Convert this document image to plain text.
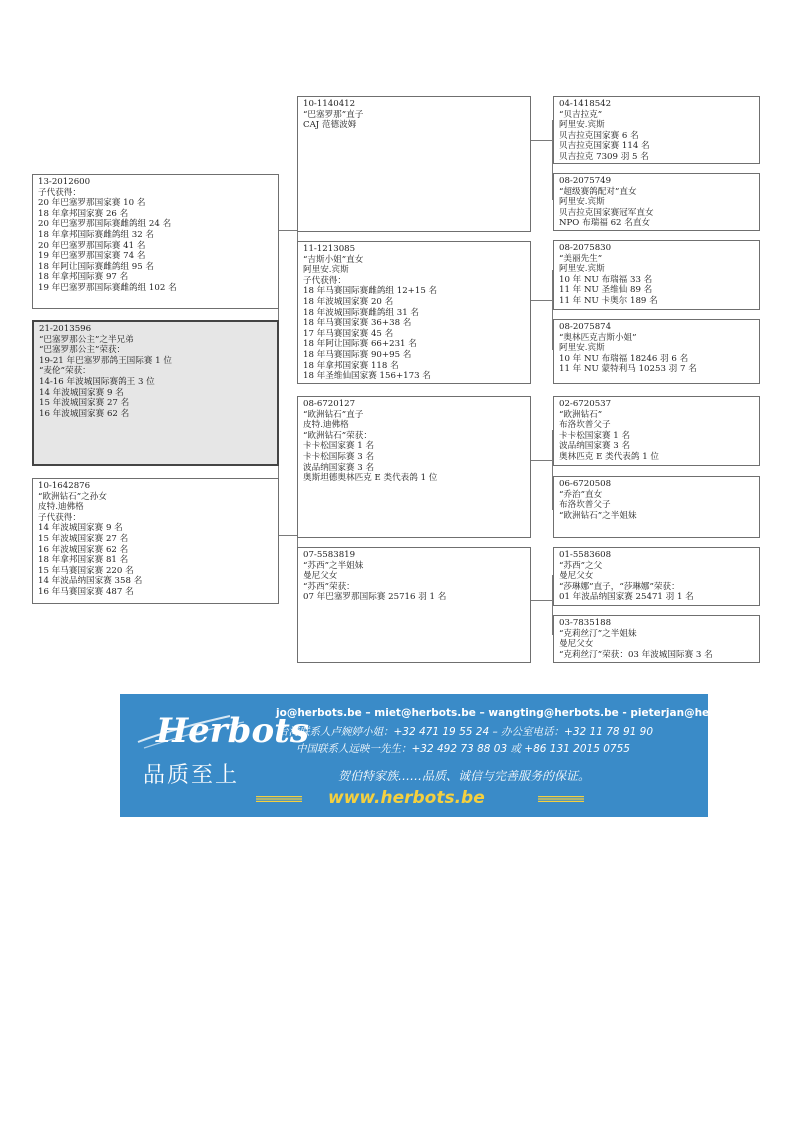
13-2012600
子代获得：
20 年巴塞罗那国家赛 10 名
18 年拿邦国家赛 26 名
20 年巴塞罗那国际赛雌鸽组 24 名
18 年拿邦国际赛雌鸽组 32 名
20 年巴塞罗那国际赛 41 名
19 年巴塞罗那国家赛 74 名
18 年阿让国际赛雌鸽组 95 名
18 年拿邦国际赛 97 名
19 年巴塞罗那国际赛雌鸽组 102 名
21-2013596
“巴塞罗那公主”之半兄弟
“巴塞罗那公主”荣获：
19-21 年巴塞罗那鸽王国际赛 1 位
“麦伦”荣获：
14-16 年波城国际赛鸽王 3 位
14 年波城国家赛 9 名
15 年波城国家赛 27 名
16 年波城国家赛 62 名
10-1642876
“欧洲钻石”之孙女
皮特.迪佛格
子代获得：
14 年波城国家赛 9 名
15 年波城国家赛 27 名
16 年波城国家赛 62 名
18 年拿邦国家赛 81 名
15 年马赛国家赛 220 名
14 年波品纳国家赛 358 名
16 年马赛国家赛 487 名
10-1140412
“巴塞罗那”直子
CAJ 范德波姆
11-1213085
“吉斯小姐”直女
阿里安.宾斯
子代获得：
18 年马赛国际赛雌鸽组 12+15 名
18 年波城国家赛 20 名
18 年波城国际赛雌鸽组 31 名
18 年马赛国家赛 36+38 名
17 年马赛国家赛 45 名
18 年阿让国际赛 66+231 名
18 年马赛国际赛 90+95 名
18 年拿邦国家赛 118 名
18 年圣维仙国家赛 156+173 名
08-6720127
“欧洲钻石”直子
皮特.迪佛格
“欧洲钻石”荣获：
卡卡松国家赛 1 名
卡卡松国际赛 3 名
波品纳国家赛 3 名
奥斯坦德奥林匹克 E 类代表鸽 1 位
07-5583819
“苏西”之半姐妹
曼尼父女
“苏西”荣获：
07 年巴塞罗那国际赛 25716 羽 1 名
04-1418542
“贝吉拉克”
阿里安.宾斯
贝吉拉克国家赛 6 名
贝吉拉克国家赛 114 名
贝吉拉克 7309 羽 5 名
08-2075749
“超级赛鸽配对”直女
阿里安.宾斯
贝吉拉克国家赛冠军直女
NPO 布瑞福 62 名直女
08-2075830
“美丽先生”
阿里安.宾斯
10 年 NU 布瑞福 33 名
11 年 NU 圣维仙 89 名
11 年 NU 卡奥尔 189 名
08-2075874
“奥林匹克吉斯小姐”
阿里安.宾斯
10 年 NU 布瑞福 18246 羽 6 名
11 年 NU 蒙特利马 10253 羽 7 名
02-6720537
“欧洲钻石”
布洛坎普父子
卡卡松国家赛 1 名
波品纳国家赛 3 名
奥林匹克 E 类代表鸽 1 位
06-6720508
“乔治”直女
布洛坎普父子
“欧洲钻石”之半姐妹
01-5583608
“苏西”之父
曼尼父女
“莎琳娜”直子，“莎琳娜”荣获：
01 年波品纳国家赛 25471 羽 1 名
03-7835188
“克莉丝汀”之半姐妹
曼尼父女
“克莉丝汀”荣获：03 年波城国际赛 3 名
Herbots
品质至上
jo@herbots.be – miet@herbots.be – wangting@herbots.be - pieterjan@herbots.be
台湾联系人卢婉婷小姐：+32 471 19 55 24 – 办公室电话：+32 11 78 91 90
中国联系人远映一先生：+32 492 73 88 03 或 +86 131 2015 0755
贺伯特家族……品质、诚信与完善服务的保证。
www.herbots.be
